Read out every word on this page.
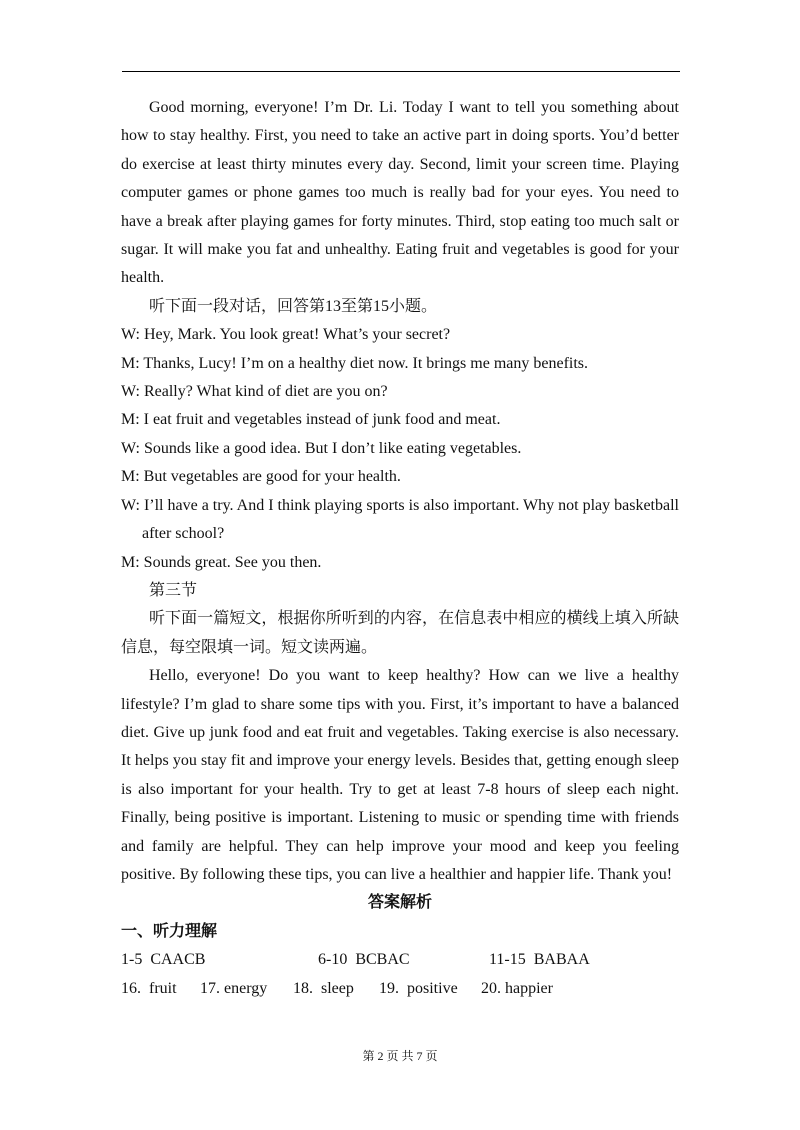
Good morning, everyone! I’m Dr. Li. Today I want to tell you something about how to stay healthy. First, you need to take an active part in doing sports. You’d better do exercise at least thirty minutes every day. Second, limit your screen time. Playing computer games or phone games too much is really bad for your eyes. You need to have a break after playing games for forty minutes. Third, stop eating too much salt or sugar. It will make you fat and unhealthy. Eating fruit and vegetables is good for your health.

听下面一段对话，回答第13至第15小题。

W: Hey, Mark. You look great! What’s your secret?

M: Thanks, Lucy! I’m on a healthy diet now. It brings me many benefits.

W: Really? What kind of diet are you on?

M: I eat fruit and vegetables instead of junk food and meat.

W: Sounds like a good idea. But I don’t like eating vegetables.

M: But vegetables are good for your health.

W: I’ll have a try. And I think playing sports is also important. Why not play basketball after school?

M: Sounds great. See you then.

第三节

听下面一篇短文，根据你所听到的内容，在信息表中相应的横线上填入所缺信息，每空限填一词。短文读两遍。

Hello, everyone! Do you want to keep healthy? How can we live a healthy lifestyle? I’m glad to share some tips with you. First, it’s important to have a balanced diet. Give up junk food and eat fruit and vegetables. Taking exercise is also necessary. It helps you stay fit and improve your energy levels. Besides that, getting enough sleep is also important for your health. Try to get at least 7-8 hours of sleep each night. Finally, being positive is important. Listening to music or spending time with friends and family are helpful. They can help improve your mood and keep you feeling positive. By following these tips, you can live a healthier and happier life. Thank you!

答案解析

一、听力理解

1-5  CAACB	6-10  BCBAC	11-15  BABAA
16.  fruit	17. energy	18.  sleep	19.  positive	20. happier
第 2 页 共 7 页
